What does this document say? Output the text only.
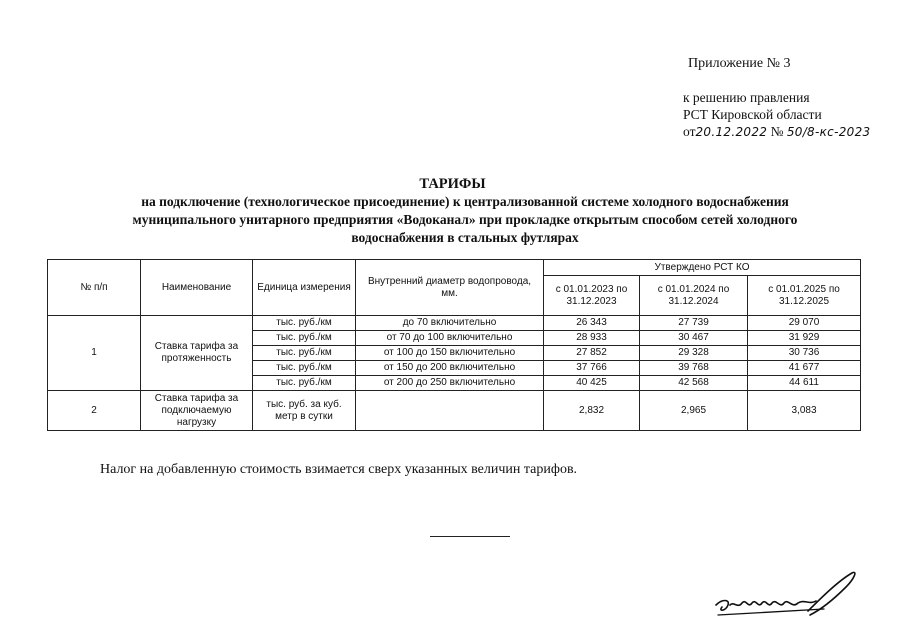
Приложение № 3
к решению правления
РСТ Кировской области
от20.12.2022 № 50/8-кс-2023
ТАРИФЫ
на подключение (технологическое присоединение) к централизованной системе холодного водоснабжения
муниципального унитарного предприятия «Водоканал» при прокладке открытым способом сетей холодного
водоснабжения в стальных футлярах
№ п/п	Наименование	Единица измерения	Внутренний диаметр водопровода, мм.	Утверждено РСТ КО		
				с 01.01.2023 по 31.12.2023	с 01.01.2024 по 31.12.2024	с 01.01.2025 по 31.12.2025
1	Ставка тарифа за протяженность	тыс. руб./км	до 70 включительно	26 343	27 739	29 070
		тыс. руб./км	от 70 до 100 включительно	28 933	30 467	31 929
		тыс. руб./км	от 100 до 150 включительно	27 852	29 328	30 736
		тыс. руб./км	от 150 до 200 включительно	37 766	39 768	41 677
		тыс. руб./км	от 200 до 250 включительно	40 425	42 568	44 611
2	Ставка тарифа за подключаемую нагрузку	тыс. руб. за куб. метр в сутки		2,832	2,965	3,083
Налог на добавленную стоимость взимается сверх указанных величин тарифов.
